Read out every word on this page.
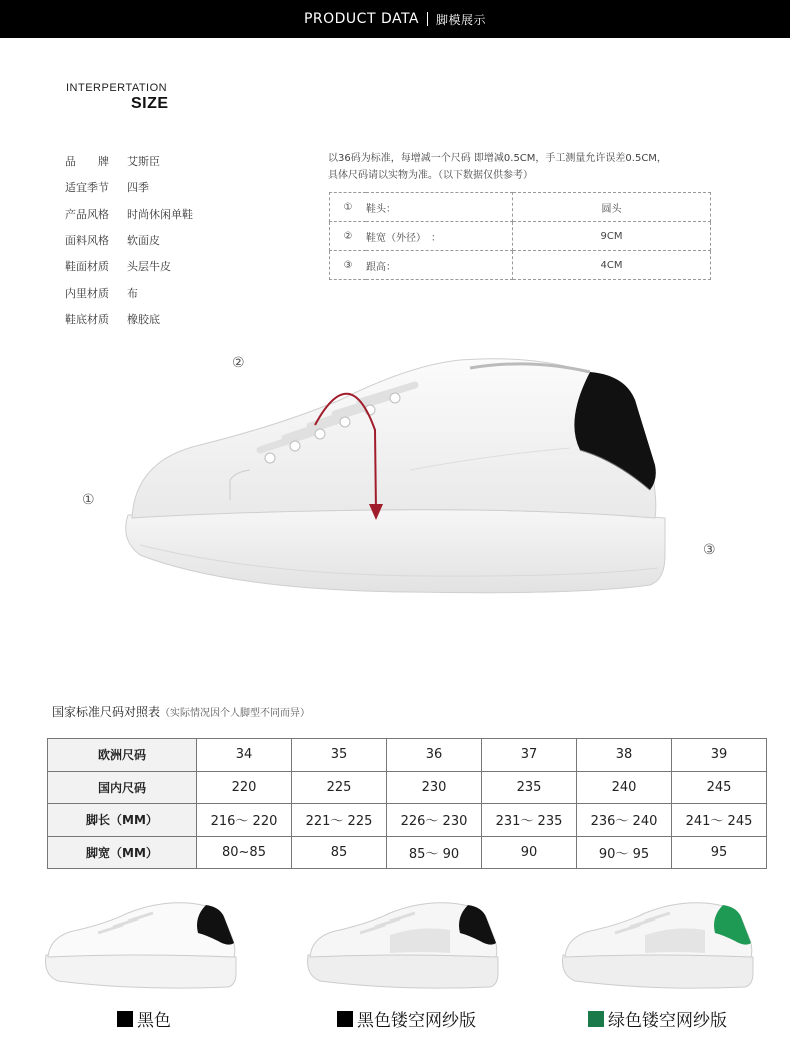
PRODUCT DATA 脚模展示
INTERPERTATION
SIZE
品　　牌	艾斯臣
适宜季节	四季
产品风格	时尚休闲单鞋
面料风格	软面皮
鞋面材质	头层牛皮
内里材质	布
鞋底材质	橡胶底
以36码为标准，每增减一个尺码 即增减0.5CM，手工测量允许误差0.5CM，
具体尺码请以实物为准。（以下数据仅供参考）
①	鞋头：	圆头
②	鞋宽（外径）　：	9CM
③	跟高：	4CM
②
①
③
国家标准尺码对照表（实际情况因个人脚型不同而异）
欧洲尺码	34	35	36	37	38	39
国内尺码	220	225	230	235	240	245
脚长（MM）	216～ 220	221～ 225	226～ 230	231～ 235	236～ 240	241～ 245
脚宽（MM）	80~85	85	85～ 90	90	90～ 95	95
黑色	黑色镂空网纱版	绿色镂空网纱版
